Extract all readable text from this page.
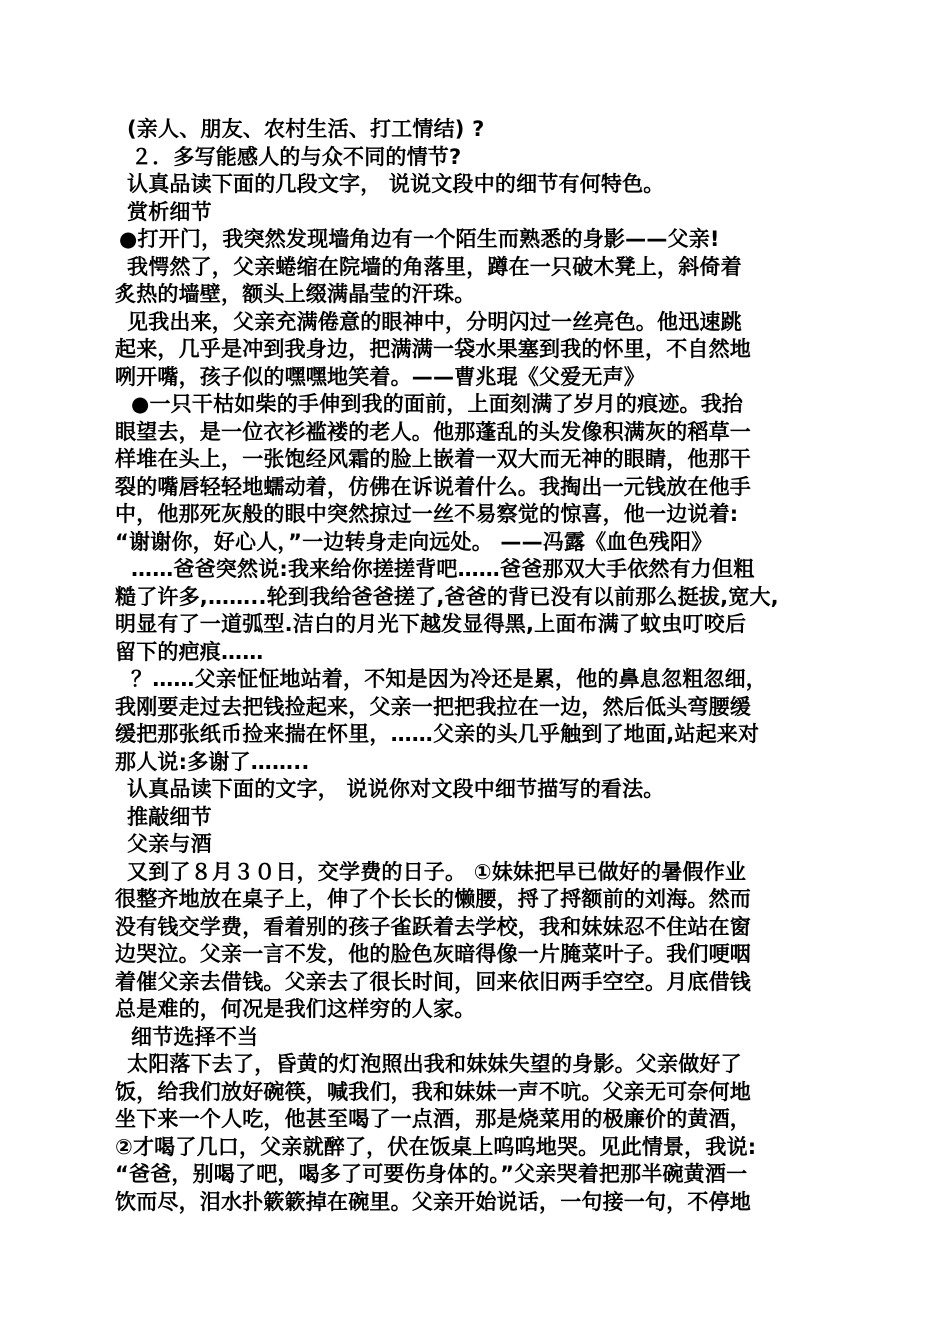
(亲人、朋友、农村生活、打工情结) ?
２．多写能感人的与众不同的情节?
认真品读下面的几段文字， 说说文段中的细节有何特色。
赏析细节
●打开门，我突然发现墙角边有一个陌生而熟悉的身影——父亲!
我愕然了，父亲蜷缩在院墙的角落里，蹲在一只破木凳上，斜倚着
炙热的墙壁，额头上缀满晶莹的汗珠。
见我出来，父亲充满倦意的眼神中，分明闪过一丝亮色。他迅速跳
起来，几乎是冲到我身边，把满满一袋水果塞到我的怀里，不自然地
咧开嘴，孩子似的嘿嘿地笑着。——曹兆琨《父爱无声》
●一只干枯如柴的手伸到我的面前，上面刻满了岁月的痕迹。我抬
眼望去，是一位衣衫褴褛的老人。他那蓬乱的头发像积满灰的稻草一
样堆在头上，一张饱经风霜的脸上嵌着一双大而无神的眼睛，他那干
裂的嘴唇轻轻地蠕动着，仿佛在诉说着什么。我掏出一元钱放在他手
中，他那死灰般的眼中突然掠过一丝不易察觉的惊喜，他一边说着:
“谢谢你，好心人，”一边转身走向远处。 ——冯露《血色残阳》
……爸爸突然说:我来给你搓搓背吧……爸爸那双大手依然有力但粗
糙了许多,……..轮到我给爸爸搓了,爸爸的背已没有以前那么挺拔,宽大,
明显有了一道弧型.洁白的月光下越发显得黑,上面布满了蚊虫叮咬后
留下的疤痕……
？……父亲怔怔地站着，不知是因为冷还是累，他的鼻息忽粗忽细，
我刚要走过去把钱捡起来，父亲一把把我拉在一边，然后低头弯腰缓
缓把那张纸币捡来揣在怀里，……父亲的头几乎触到了地面,站起来对
那人说:多谢了……..
认真品读下面的文字， 说说你对文段中细节描写的看法。
推敲细节
父亲与酒
又到了８月３０日，交学费的日子。 ①妹妹把早已做好的暑假作业
很整齐地放在桌子上，伸了个长长的懒腰，捋了捋额前的刘海。然而
没有钱交学费，看着别的孩子雀跃着去学校，我和妹妹忍不住站在窗
边哭泣。父亲一言不发，他的脸色灰暗得像一片腌菜叶子。我们哽咽
着催父亲去借钱。父亲去了很长时间，回来依旧两手空空。月底借钱
总是难的，何况是我们这样穷的人家。
细节选择不当
太阳落下去了，昏黄的灯泡照出我和妹妹失望的身影。父亲做好了
饭，给我们放好碗筷，喊我们，我和妹妹一声不吭。父亲无可奈何地
坐下来一个人吃，他甚至喝了一点酒，那是烧菜用的极廉价的黄酒，
②才喝了几口，父亲就醉了，伏在饭桌上呜呜地哭。见此情景，我说:
“爸爸，别喝了吧，喝多了可要伤身体的。”父亲哭着把那半碗黄酒一
饮而尽，泪水扑簌簌掉在碗里。父亲开始说话，一句接一句，不停地
